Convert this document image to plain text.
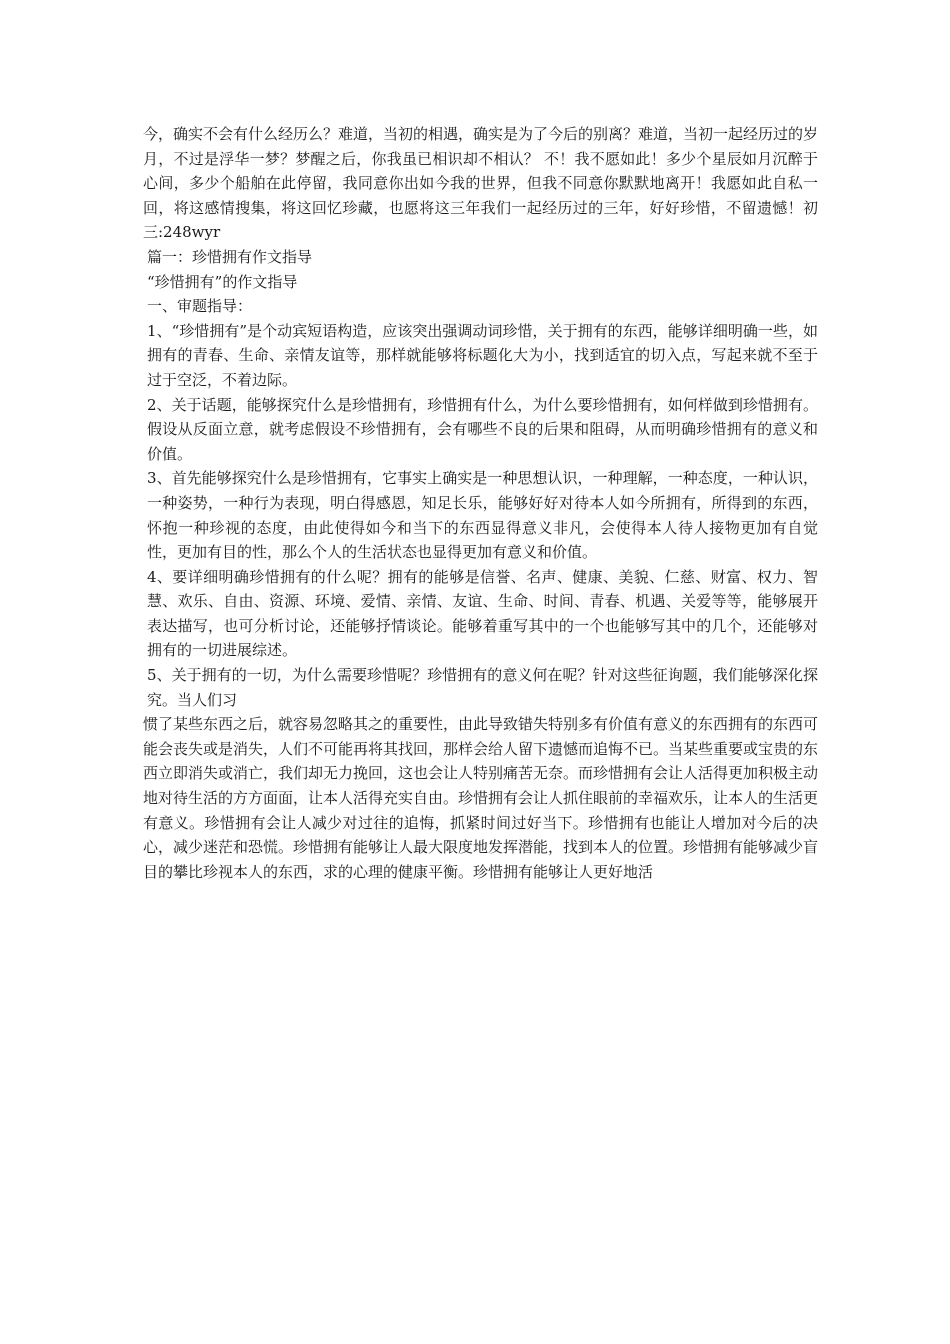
今，确实不会有什么经历么？难道，当初的相遇，确实是为了今后的别离？难道，当初一起经历过的岁月，不过是浮华一梦？梦醒之后，你我虽已相识却不相认？ 不！我不愿如此！多少个星辰如月沉醉于心间，多少个船舶在此停留，我同意你出如今我的世界，但我不同意你默默地离开！我愿如此自私一回，将这感情搜集，将这回忆珍藏，也愿将这三年我们一起经历过的三年，好好珍惜，不留遗憾！初三:248wyr

篇一：珍惜拥有作文指导

“珍惜拥有”的作文指导

一、审题指导：

1、“珍惜拥有”是个动宾短语构造，应该突出强调动词珍惜，关于拥有的东西，能够详细明确一些，如拥有的青春、生命、亲情友谊等，那样就能够将标题化大为小，找到适宜的切入点，写起来就不至于过于空泛，不着边际。

2、关于话题，能够探究什么是珍惜拥有，珍惜拥有什么，为什么要珍惜拥有，如何样做到珍惜拥有。假设从反面立意，就考虑假设不珍惜拥有，会有哪些不良的后果和阻碍，从而明确珍惜拥有的意义和价值。

3、首先能够探究什么是珍惜拥有，它事实上确实是一种思想认识，一种理解，一种态度，一种认识，一种姿势，一种行为表现，明白得感恩，知足长乐，能够好好对待本人如今所拥有，所得到的东西，怀抱一种珍视的态度，由此使得如今和当下的东西显得意义非凡，会使得本人待人接物更加有自觉性，更加有目的性，那么个人的生活状态也显得更加有意义和价值。

4、要详细明确珍惜拥有的什么呢？拥有的能够是信誉、名声、健康、美貌、仁慈、财富、权力、智慧、欢乐、自由、资源、环境、爱情、亲情、友谊、生命、时间、青春、机遇、关爱等等，能够展开表达描写，也可分析讨论，还能够抒情谈论。能够着重写其中的一个也能够写其中的几个，还能够对拥有的一切进展综述。

5、关于拥有的一切，为什么需要珍惜呢？珍惜拥有的意义何在呢？针对这些征询题，我们能够深化探究。当人们习

惯了某些东西之后，就容易忽略其之的重要性，由此导致错失特别多有价值有意义的东西拥有的东西可能会丧失或是消失，人们不可能再将其找回，那样会给人留下遗憾而追悔不已。当某些重要或宝贵的东西立即消失或消亡，我们却无力挽回，这也会让人特别痛苦无奈。而珍惜拥有会让人活得更加积极主动地对待生活的方方面面，让本人活得充实自由。珍惜拥有会让人抓住眼前的幸福欢乐，让本人的生活更有意义。珍惜拥有会让人减少对过往的追悔，抓紧时间过好当下。珍惜拥有也能让人增加对今后的决心，减少迷茫和恐慌。珍惜拥有能够让人最大限度地发挥潜能，找到本人的位置。珍惜拥有能够减少盲目的攀比珍视本人的东西，求的心理的健康平衡。珍惜拥有能够让人更好地活
